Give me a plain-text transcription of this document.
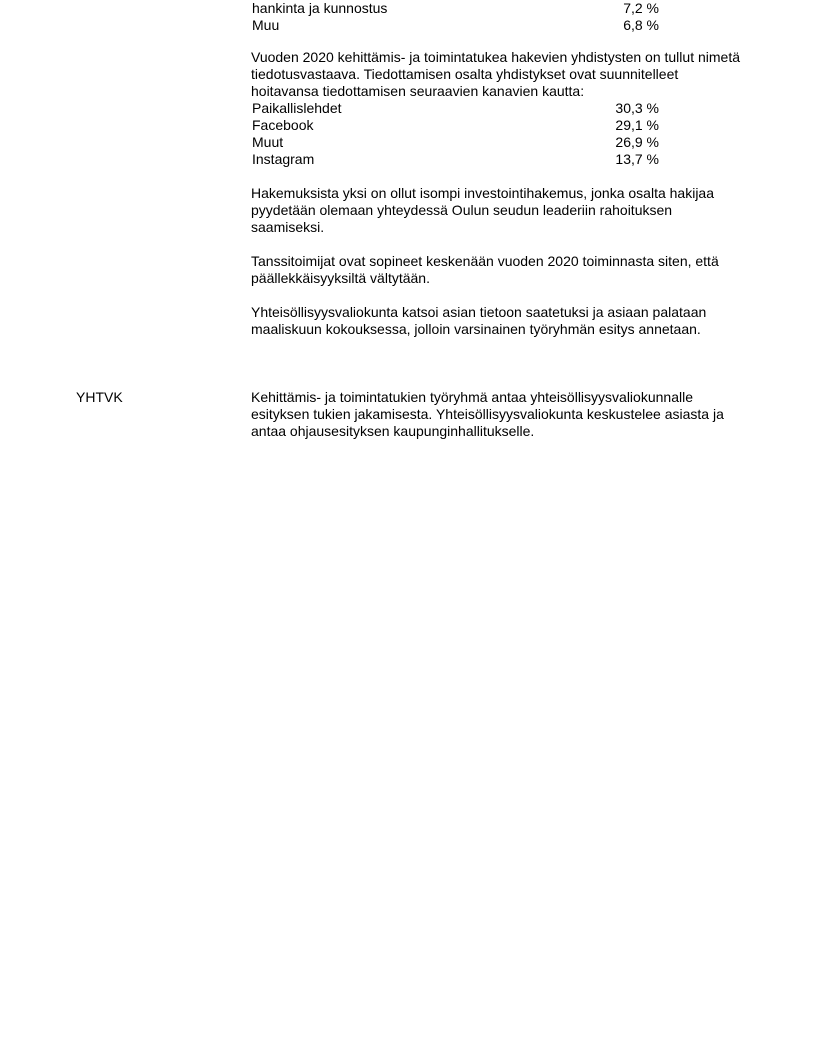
hankinta ja kunnostus	7,2 %
Muu	6,8 %

Vuoden 2020 kehittämis- ja toimintatukea hakevien yhdistysten on tullut nimetä tiedotusvastaava. Tiedottamisen osalta yhdistykset ovat suunnitelleet hoitavansa tiedottamisen seuraavien kanavien kautta:

Paikallislehdet	30,3 %
Facebook	29,1 %
Muut	26,9 %
Instagram	13,7 %

Hakemuksista yksi on ollut isompi investointihakemus, jonka osalta hakijaa pyydetään olemaan yhteydessä Oulun seudun leaderiin rahoituksen saamiseksi.

Tanssitoimijat ovat sopineet keskenään vuoden 2020 toiminnasta siten, että päällekkäisyyksiltä vältytään.

Yhteisöllisyysvaliokunta katsoi asian tietoon saatetuksi ja asiaan palataan maaliskuun kokouksessa, jolloin varsinainen työryhmän esitys annetaan.

YHTVK	Kehittämis- ja toimintatukien työryhmä antaa yhteisöllisyysvaliokunnalle esityksen tukien jakamisesta. Yhteisöllisyysvaliokunta keskustelee asiasta ja antaa ohjausesityksen kaupunginhallitukselle.
